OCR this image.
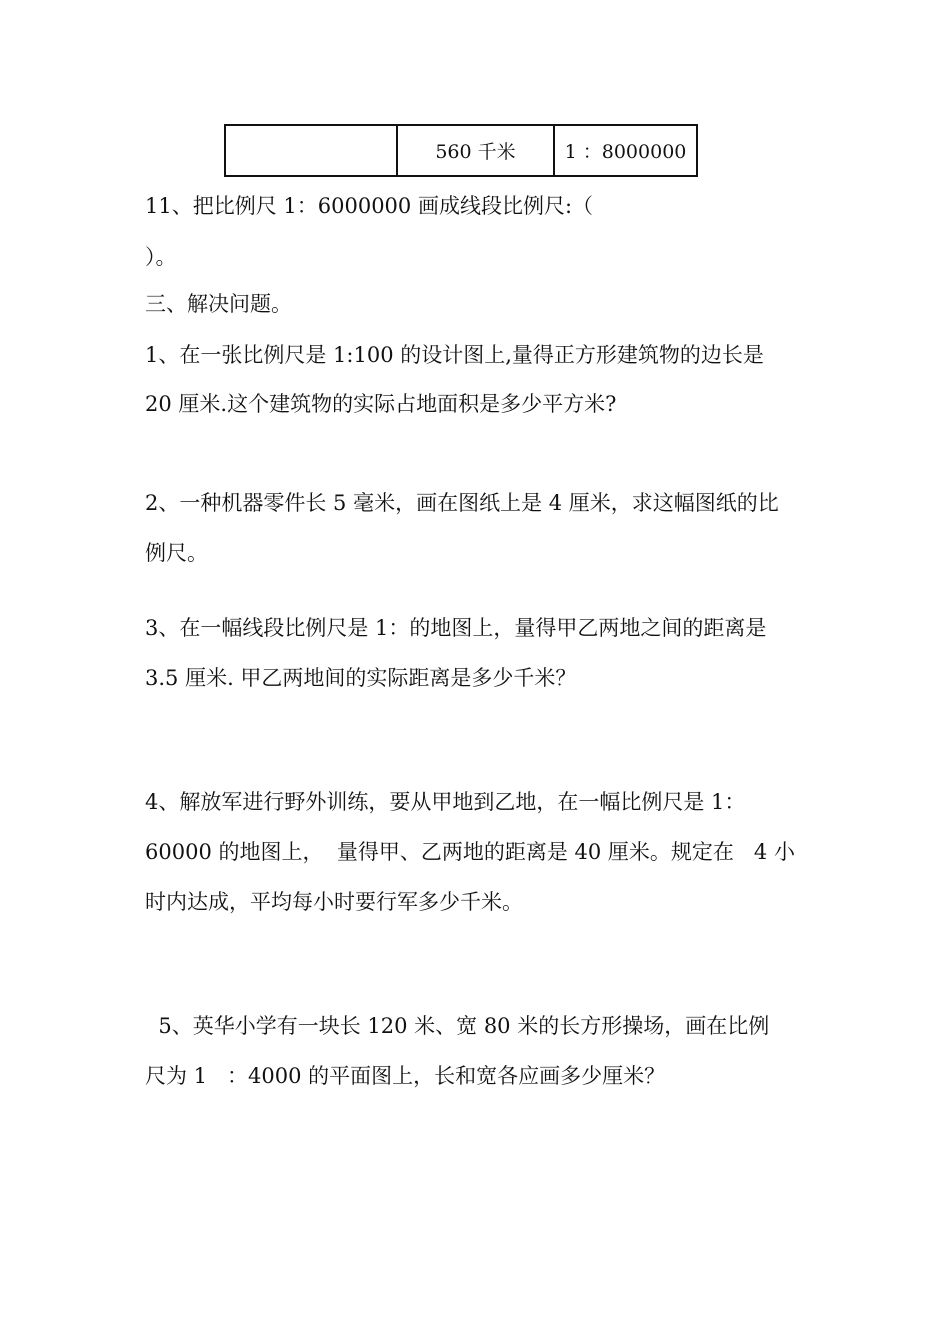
	560 千米	1 ：8000000
11、把比例尺 1：6000000 画成线段比例尺:（
）。
三、解决问题。
1、在一张比例尺是 1:100 的设计图上,量得正方形建筑物的边长是
20 厘米.这个建筑物的实际占地面积是多少平方米?
2、一种机器零件长 5 毫米，画在图纸上是 4 厘米，求这幅图纸的比
例尺。
3、在一幅线段比例尺是 1：的地图上，量得甲乙两地之间的距离是
3.5 厘米. 甲乙两地间的实际距离是多少千米？
4、解放军进行野外训练，要从甲地到乙地，在一幅比例尺是 1：
60000 的地图上，  量得甲、乙两地的距离是 40 厘米。规定在   4 小
时内达成，平均每小时要行军多少千米。
5、英华小学有一块长 120 米、宽 80 米的长方形操场，画在比例
尺为 1   ：4000 的平面图上，长和宽各应画多少厘米？
